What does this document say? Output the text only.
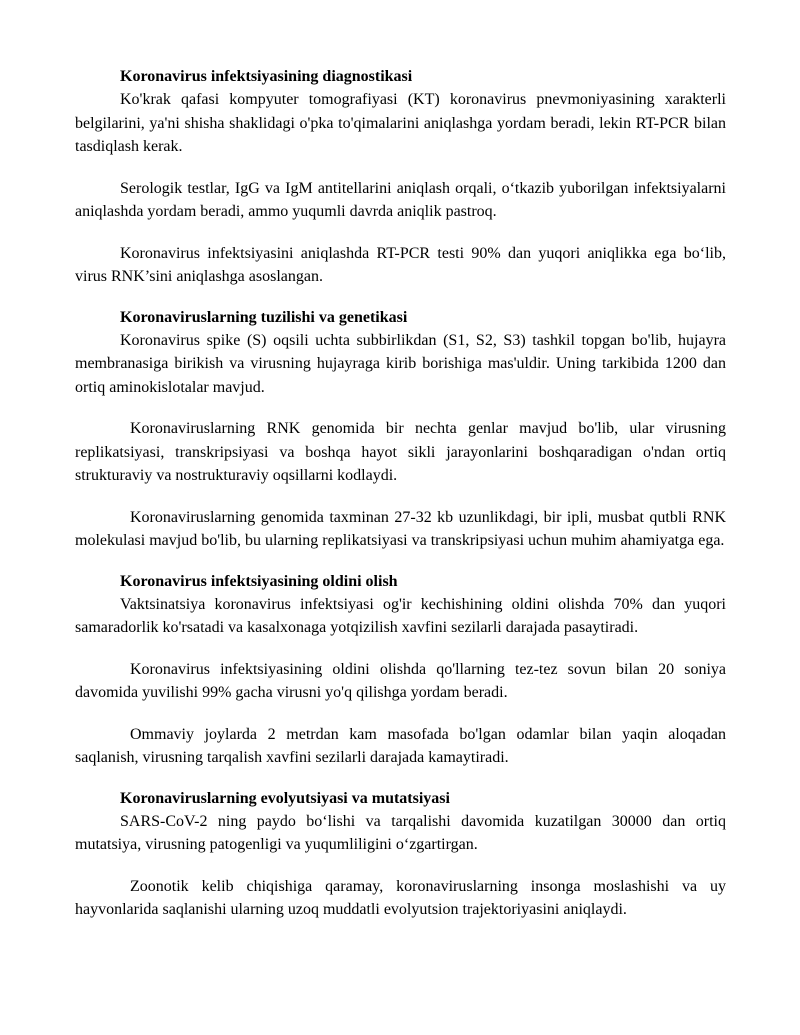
Koronavirus infektsiyasining diagnostikasi

Ko'krak qafasi kompyuter tomografiyasi (KT) koronavirus pnevmoniyasining xarakterli belgilarini, ya'ni shisha shaklidagi o'pka to'qimalarini aniqlashga yordam beradi, lekin RT-PCR bilan tasdiqlash kerak.

Serologik testlar, IgG va IgM antitellarini aniqlash orqali, oʻtkazib yuborilgan infektsiyalarni aniqlashda yordam beradi, ammo yuqumli davrda aniqlik pastroq.

Koronavirus infektsiyasini aniqlashda RT-PCR testi 90% dan yuqori aniqlikka ega boʻlib, virus RNK’sini aniqlashga asoslangan.

Koronaviruslarning tuzilishi va genetikasi

Koronavirus spike (S) oqsili uchta subbirlikdan (S1, S2, S3) tashkil topgan bo'lib, hujayra membranasiga birikish va virusning hujayraga kirib borishiga mas'uldir. Uning tarkibida 1200 dan ortiq aminokislotalar mavjud.

Koronaviruslarning RNK genomida bir nechta genlar mavjud bo'lib, ular virusning replikatsiyasi, transkripsiyasi va boshqa hayot sikli jarayonlarini boshqaradigan o'ndan ortiq strukturaviy va nostrukturaviy oqsillarni kodlaydi.

Koronaviruslarning genomida taxminan 27-32 kb uzunlikdagi, bir ipli, musbat qutbli RNK molekulasi mavjud bo'lib, bu ularning replikatsiyasi va transkripsiyasi uchun muhim ahamiyatga ega.

Koronavirus infektsiyasining oldini olish

Vaktsinatsiya koronavirus infektsiyasi og'ir kechishining oldini olishda 70% dan yuqori samaradorlik ko'rsatadi va kasalxonaga yotqizilish xavfini sezilarli darajada pasaytiradi.

Koronavirus infektsiyasining oldini olishda qo'llarning tez-tez sovun bilan 20 soniya davomida yuvilishi 99% gacha virusni yo'q qilishga yordam beradi.

Ommaviy joylarda 2 metrdan kam masofada bo'lgan odamlar bilan yaqin aloqadan saqlanish, virusning tarqalish xavfini sezilarli darajada kamaytiradi.

Koronaviruslarning evolyutsiyasi va mutatsiyasi

SARS-CoV-2 ning paydo boʻlishi va tarqalishi davomida kuzatilgan 30000 dan ortiq mutatsiya, virusning patogenligi va yuqumliligini oʻzgartirgan.

Zoonotik kelib chiqishiga qaramay, koronaviruslarning insonga moslashishi va uy hayvonlarida saqlanishi ularning uzoq muddatli evolyutsion trajektoriyasini aniqlaydi.
